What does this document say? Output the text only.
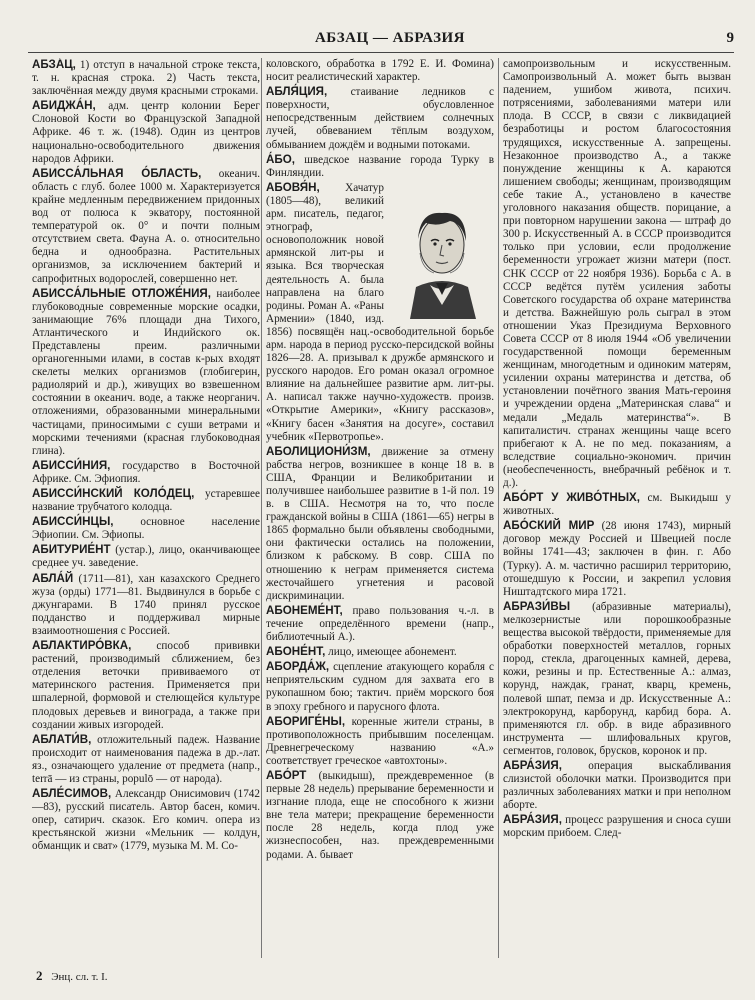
АБЗАЦ — АБРАЗИЯ	9

АБЗА́Ц, 1) отступ в начальной строке текста, т. н. красная строка. 2) Часть текста, заключённая между двумя красными строками.

АБИДЖА́Н, адм. центр колонии Берег Слоновой Кости во Французской Западной Африке. 46 т. ж. (1948). Один из центров национально-освободительного движения народов Африки.

АБИССА́ЛЬНАЯ О́БЛАСТЬ, океанич. область с глуб. более 1000 м. Характеризуется крайне медленным передвижением придонных вод от полюса к экватору, постоянной температурой ок. 0° и почти полным отсутствием света. Фауна А. о. относительно бедна и однообразна. Растительных организмов, за исключением бактерий и сапрофитных водорослей, совершенно нет.

АБИССА́ЛЬНЫЕ ОТЛОЖЕ́НИЯ, наиболее глубоководные современные морские осадки, занимающие 76% площади дна Тихого, Атлантического и Индийского ок. Представлены преим. различными органогенными илами, в состав к-рых входят скелеты мелких организмов (глобигерин, радиолярий и др.), живущих во взвешенном состоянии в океанич. воде, а также неорганич. отложениями, образованными минеральными частицами, приносимыми с суши ветрами и морскими течениями (красная глубоководная глина).

АБИССИ́НИЯ, государство в Восточной Африке. См. Эфиопия.

АБИССИ́НСКИЙ КОЛО́ДЕЦ, устаревшее название трубчатого колодца.

АБИССИ́НЦЫ, основное население Эфиопии. См. Эфиопы.

АБИТУРИЕ́НТ (устар.), лицо, оканчивающее среднее уч. заведение.

АБЛА́Й (1711—81), хан казахского Среднего жуза (орды) 1771—81. Выдвинулся в борьбе с джунгарами. В 1740 принял русское подданство и поддерживал мирные взаимоотношения с Россией.

АБЛАКТИРО́ВКА, способ прививки растений, производимый сближением, без отделения веточки прививаемого от материнского растения. Применяется при шпалерной, формовой и стелющейся культуре плодовых деревьев и винограда, а также при создании живых изгородей.

АБЛАТИ́В, отложительный падеж. Название происходит от наименования падежа в др.-лат. яз., означающего удаление от предмета (напр., terrā — из страны, populō — от народа).

АБЛЕ́СИМОВ, Александр Онисимович (1742—83), русский писатель. Автор басен, комич. опер, сатирич. сказок. Его комич. опера из крестьянской жизни «Мельник — колдун, обманщик и сват» (1779, музыка М. М. Со-

коловского, обработка в 1792 Е. И. Фомина) носит реалистический характер.

АБЛЯ́ЦИЯ, стаивание ледников с поверхности, обусловленное непосредственным действием солнечных лучей, обвеванием тёплым воздухом, обмыванием дождём и водными потоками.

А́БО, шведское название города Турку в Финляндии.

АБОВЯ́Н, Хачатур (1805—48), великий арм. писатель, педагог, этнограф, основоположник новой армянской лит-ры и языка. Вся творческая деятельность А. была направлена на благо родины. Роман А. «Раны Армении» (1840, изд. 1856) посвящён нац.-освободительной борьбе арм. народа в период русско-персидской войны 1826—28. А. призывал к дружбе армянского и русского народов. Его роман оказал огромное влияние на дальнейшее развитие арм. лит-ры. А. написал также научно-художеств. произв. «Открытие Америки», «Книгу рассказов», «Книгу басен «Занятия на досуге», составил учебник «Первотропье».

АБОЛИЦИОНИ́ЗМ, движение за отмену рабства негров, возникшее в конце 18 в. в США, Франции и Великобритании и получившее наибольшее развитие в 1-й пол. 19 в. в США. Несмотря на то, что после гражданской войны в США (1861—65) негры в 1865 формально были объявлены свободными, они фактически остались на положении, близком к рабскому. В совр. США по отношению к неграм применяется система жесточайшего угнетения и расовой дискриминации.

АБОНЕМЕ́НТ, право пользования ч.-л. в течение определённого времени (напр., библиотечный А.).

АБОНЕ́НТ, лицо, имеющее абонемент.

АБОРДА́Ж, сцепление атакующего корабля с неприятельским судном для захвата его в рукопашном бою; тактич. приём морского боя в эпоху гребного и парусного флота.

АБОРИГЕ́НЫ, коренные жители страны, в противоположность прибывшим поселенцам. Древнегреческому названию «А.» соответствует греческое «автохтоны».

АБО́РТ (выкидыш), преждевременное (в первые 28 недель) прерывание беременности и изгнание плода, еще не способного к жизни вне тела матери; прекращение беременности после 28 недель, когда плод уже жизнеспособен, наз. преждевременными родами. А. бывает

самопроизвольным и искусственным. Самопроизвольный А. может быть вызван падением, ушибом живота, психич. потрясениями, заболеваниями матери или плода. В СССР, в связи с ликвидацией безработицы и ростом благосостояния трудящихся, искусственные А. запрещены. Незаконное производство А., а также понуждение женщины к А. караются лишением свободы; женщинам, производящим себе такие А., установлено в качестве уголовного наказания обществ. порицание, а при повторном нарушении закона — штраф до 300 р. Искусственный А. в СССР производится только при условии, если продолжение беременности угрожает жизни матери (пост. СНК СССР от 22 ноября 1936). Борьба с А. в СССР ведётся путём усиления заботы Советского государства об охране материнства и детства. Важнейшую роль сыграл в этом отношении Указ Президиума Верховного Совета СССР от 8 июля 1944 «Об увеличении государственной помощи беременным женщинам, многодетным и одиноким матерям, усилении охраны материнства и детства, об установлении почётного звания Мать-героиня и учреждении ордена „Материнская слава“ и медали „Медаль материнства“». В капиталистич. странах женщины чаще всего прибегают к А. не по мед. показаниям, а вследствие социально-экономич. причин (необеспеченность, внебрачный ребёнок и т. д.).

АБО́РТ У ЖИВО́ТНЫХ, см. Выкидыш у животных.

АБО́СКИЙ МИР (28 июня 1743), мирный договор между Россией и Швецией после войны 1741—43; заключен в фин. г. Або (Турку). А. м. частично расширил территорию, отошедшую к России, и закрепил условия Ништадтского мира 1721.

АБРАЗИ́ВЫ (абразивные материалы), мелкозернистые или порошкообразные вещества высокой твёрдости, применяемые для обработки поверхностей металлов, горных пород, стекла, драгоценных камней, дерева, кожи, резины и пр. Естественные А.: алмаз, корунд, наждак, гранат, кварц, кремень, полевой шпат, пемза и др. Искусственные А.: электрокорунд, карборунд, карбид бора. А. применяются гл. обр. в виде абразивного инструмента — шлифовальных кругов, сегментов, головок, брусков, коронок и пр.

АБРА́ЗИЯ, операция выскабливания слизистой оболочки матки. Производится при различных заболеваниях матки и при неполном аборте.

АБРА́ЗИЯ, процесс разрушения и сноса суши морским прибоем. След-

2 Энц. сл. т. I.
